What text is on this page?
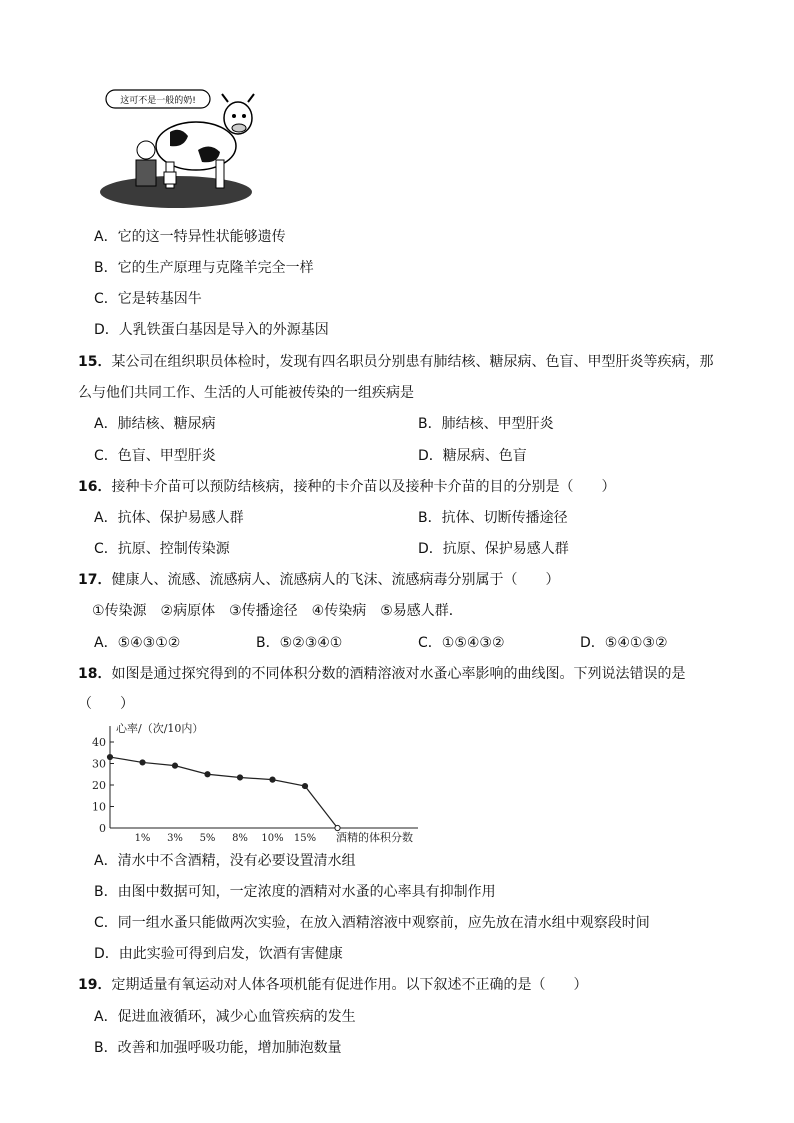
这可不是一般的奶!
A．它的这一特异性状能够遗传
B．它的生产原理与克隆羊完全一样
C．它是转基因牛
D．人乳铁蛋白基因是导入的外源基因
15．某公司在组织职员体检时，发现有四名职员分别患有肺结核、糖尿病、色盲、甲型肝炎等疾病，那
么与他们共同工作、生活的人可能被传染的一组疾病是
A．肺结核、糖尿病	B．肺结核、甲型肝炎
C．色盲、甲型肝炎	D．糖尿病、色盲
16．接种卡介苗可以预防结核病，接种的卡介苗以及接种卡介苗的目的分别是（　　）
A．抗体、保护易感人群	B．抗体、切断传播途径
C．抗原、控制传染源	D．抗原、保护易感人群
17．健康人、流感、流感病人、流感病人的飞沫、流感病毒分别属于（　　）
①传染源　②病原体　③传播途径　④传染病　⑤易感人群．
A．⑤④③①②	B．⑤②③④①	C．①⑤④③②	D．⑤④①③②
18．如图是通过探究得到的不同体积分数的酒精溶液对水蚤心率影响的曲线图。下列说法错误的是
（　　）
心率/（次/10内）
0
10
20
30
40
1% 3% 5% 8% 10% 15% 酒精的体积分数
A．清水中不含酒精，没有必要设置清水组
B．由图中数据可知，一定浓度的酒精对水蚤的心率具有抑制作用
C．同一组水蚤只能做两次实验，在放入酒精溶液中观察前，应先放在清水组中观察段时间
D．由此实验可得到启发，饮酒有害健康
19．定期适量有氧运动对人体各项机能有促进作用。以下叙述不正确的是（　　）
A．促进血液循环，减少心血管疾病的发生
B．改善和加强呼吸功能，增加肺泡数量
